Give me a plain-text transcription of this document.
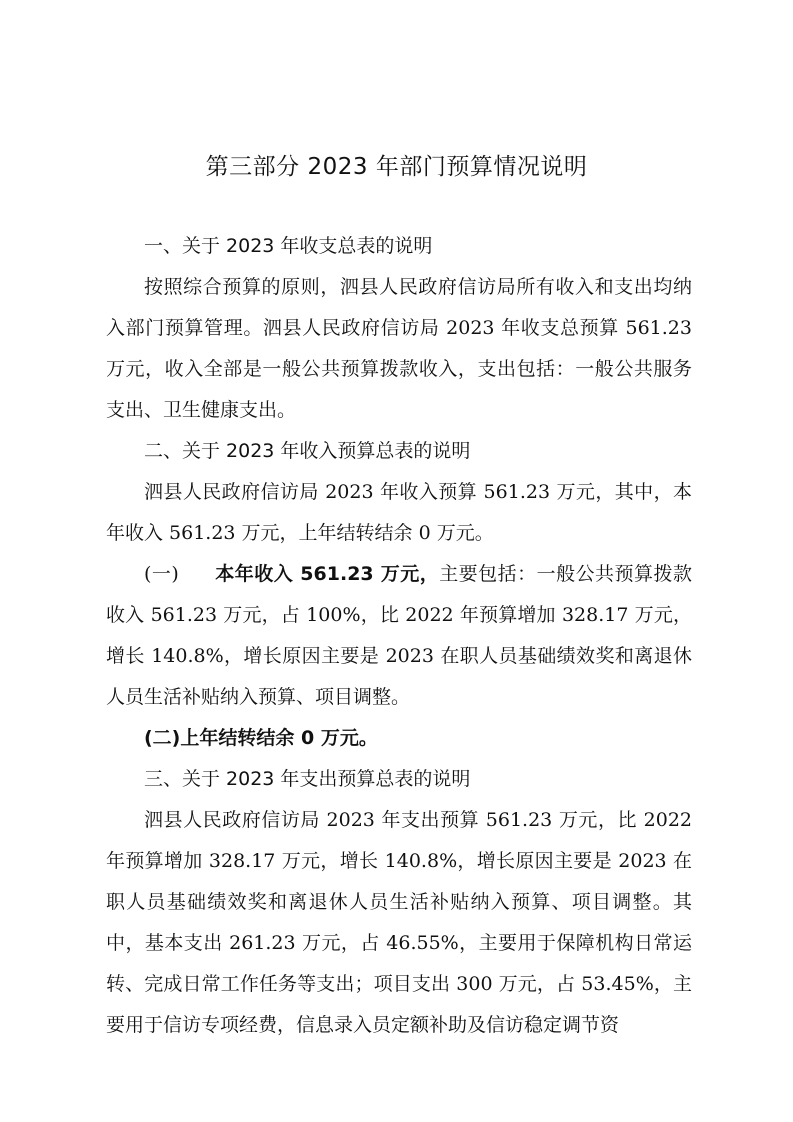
第三部分 2023 年部门预算情况说明

一、关于 2023 年收支总表的说明

按照综合预算的原则，泗县人民政府信访局所有收入和支出均纳入部门预算管理。泗县人民政府信访局 2023 年收支总预算 561.23 万元，收入全部是一般公共预算拨款收入，支出包括：一般公共服务支出、卫生健康支出。

二、关于 2023 年收入预算总表的说明

泗县人民政府信访局 2023 年收入预算 561.23 万元，其中，本年收入 561.23 万元，上年结转结余 0 万元。

(一) 本年收入 561.23 万元，主要包括：一般公共预算拨款收入 561.23 万元，占 100%，比 2022 年预算增加 328.17 万元，增长 140.8%，增长原因主要是 2023 在职人员基础绩效奖和离退休人员生活补贴纳入预算、项目调整。

(二)上年结转结余 0 万元。

三、关于 2023 年支出预算总表的说明

泗县人民政府信访局 2023 年支出预算 561.23 万元，比 2022 年预算增加 328.17 万元，增长 140.8%，增长原因主要是 2023 在职人员基础绩效奖和离退休人员生活补贴纳入预算、项目调整。其中，基本支出 261.23 万元，占 46.55%，主要用于保障机构日常运转、完成日常工作任务等支出；项目支出 300 万元，占 53.45%，主要用于信访专项经费，信息录入员定额补助及信访稳定调节资
